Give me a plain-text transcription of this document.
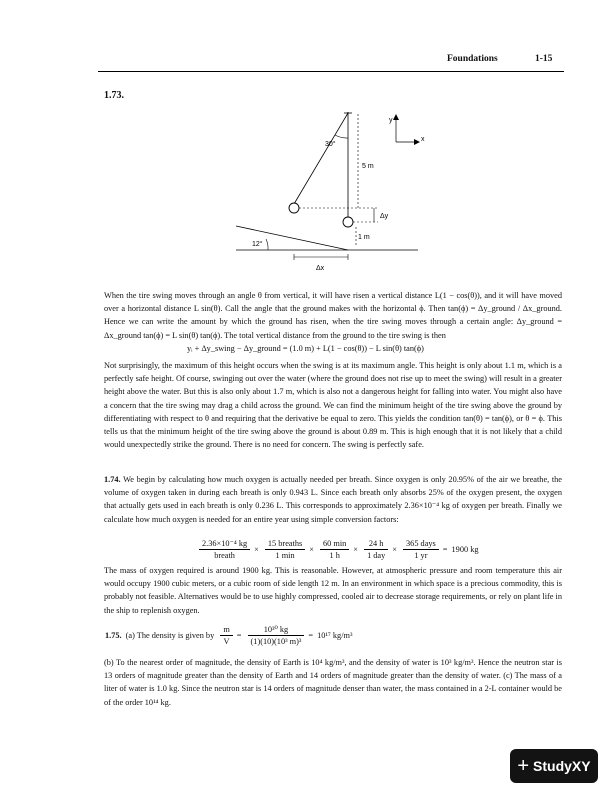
Foundations	1-15
1.73.
30°
5 m
Δy
1 m
12°
Δx
y
x
When the tire swing moves through an angle θ from vertical, it will have risen a vertical distance L(1 − cos(θ)), and it will have moved over a horizontal distance L sin(θ). Call the angle that the ground makes with the horizontal ϕ. Then tan(ϕ) = Δy_ground / Δx_ground. Hence we can write the amount by which the ground has risen, when the tire swing moves through a certain angle: Δy_ground = Δx_ground tan(ϕ) = L sin(θ) tan(ϕ). The total vertical distance from the ground to the tire swing is then
yᵢ + Δy_swing − Δy_ground = (1.0 m) + L(1 − cos(θ)) − L sin(θ) tan(ϕ)
Not surprisingly, the maximum of this height occurs when the swing is at its maximum angle. This height is only about 1.1 m, which is a perfectly safe height. Of course, swinging out over the water (where the ground does not rise up to meet the swing) will result in a greater height above the water. But this is also only about 1.7 m, which is also not a dangerous height for falling into water. You might also have a concern that the tire swing may drag a child across the ground. We can find the minimum height of the tire swing above the ground by differentiating with respect to θ and requiring that the derivative be equal to zero. This yields the condition tan(θ) = tan(ϕ), or θ = ϕ. This tells us that the minimum height of the tire swing above the ground is about 0.89 m. This is high enough that it is not likely that a child would unexpectedly strike the ground. There is no need for concern. The swing is perfectly safe.
1.74. We begin by calculating how much oxygen is actually needed per breath. Since oxygen is only 20.95% of the air we breathe, the volume of oxygen taken in during each breath is only 0.943 L. Since each breath only absorbs 25% of the oxygen present, the oxygen that actually gets used in each breath is only 0.236 L. This corresponds to approximately 2.36×10⁻⁴ kg of oxygen per breath. Finally we calculate how much oxygen is needed for an entire year using simple conversion factors:
$\frac{\text{2.36×10⁻⁴ kg}}{\text{breath}} \times \frac{\text{15 breaths}}{1 \min} \times \frac{60 \min}{1 h} \times \frac{24 h}{\text{1 day}} \times \frac{\text{365 days}}{1 yr} = 1900$ kg
The mass of oxygen required is around 1900 kg. This is reasonable. However, at atmospheric pressure and room temperature this air would occupy 1900 cubic meters, or a cubic room of side length 12 m. In an environment in which space is a precious commodity, this is probably not feasible. Alternatives would be to use highly compressed, cooled air to decrease storage requirements, or rely on plant life in the ship to replenish oxygen.
1.75. (a) The density is given by $\frac{m}{V} = \frac{\text{10³⁰ kg}}{\text{(1)(10)(10³ m)³}} = 10^{17}$ kg/m³
(b) To the nearest order of magnitude, the density of Earth is 10⁴ kg/m³, and the density of water is 10³ kg/m³. Hence the neutron star is 13 orders of magnitude greater than the density of Earth and 14 orders of magnitude greater than the density of water. (c) The mass of a liter of water is 1.0 kg. Since the neutron star is 14 orders of magnitude denser than water, the mass contained in a 2-L container would be of the order 10¹⁴ kg.
+ StudyXY
